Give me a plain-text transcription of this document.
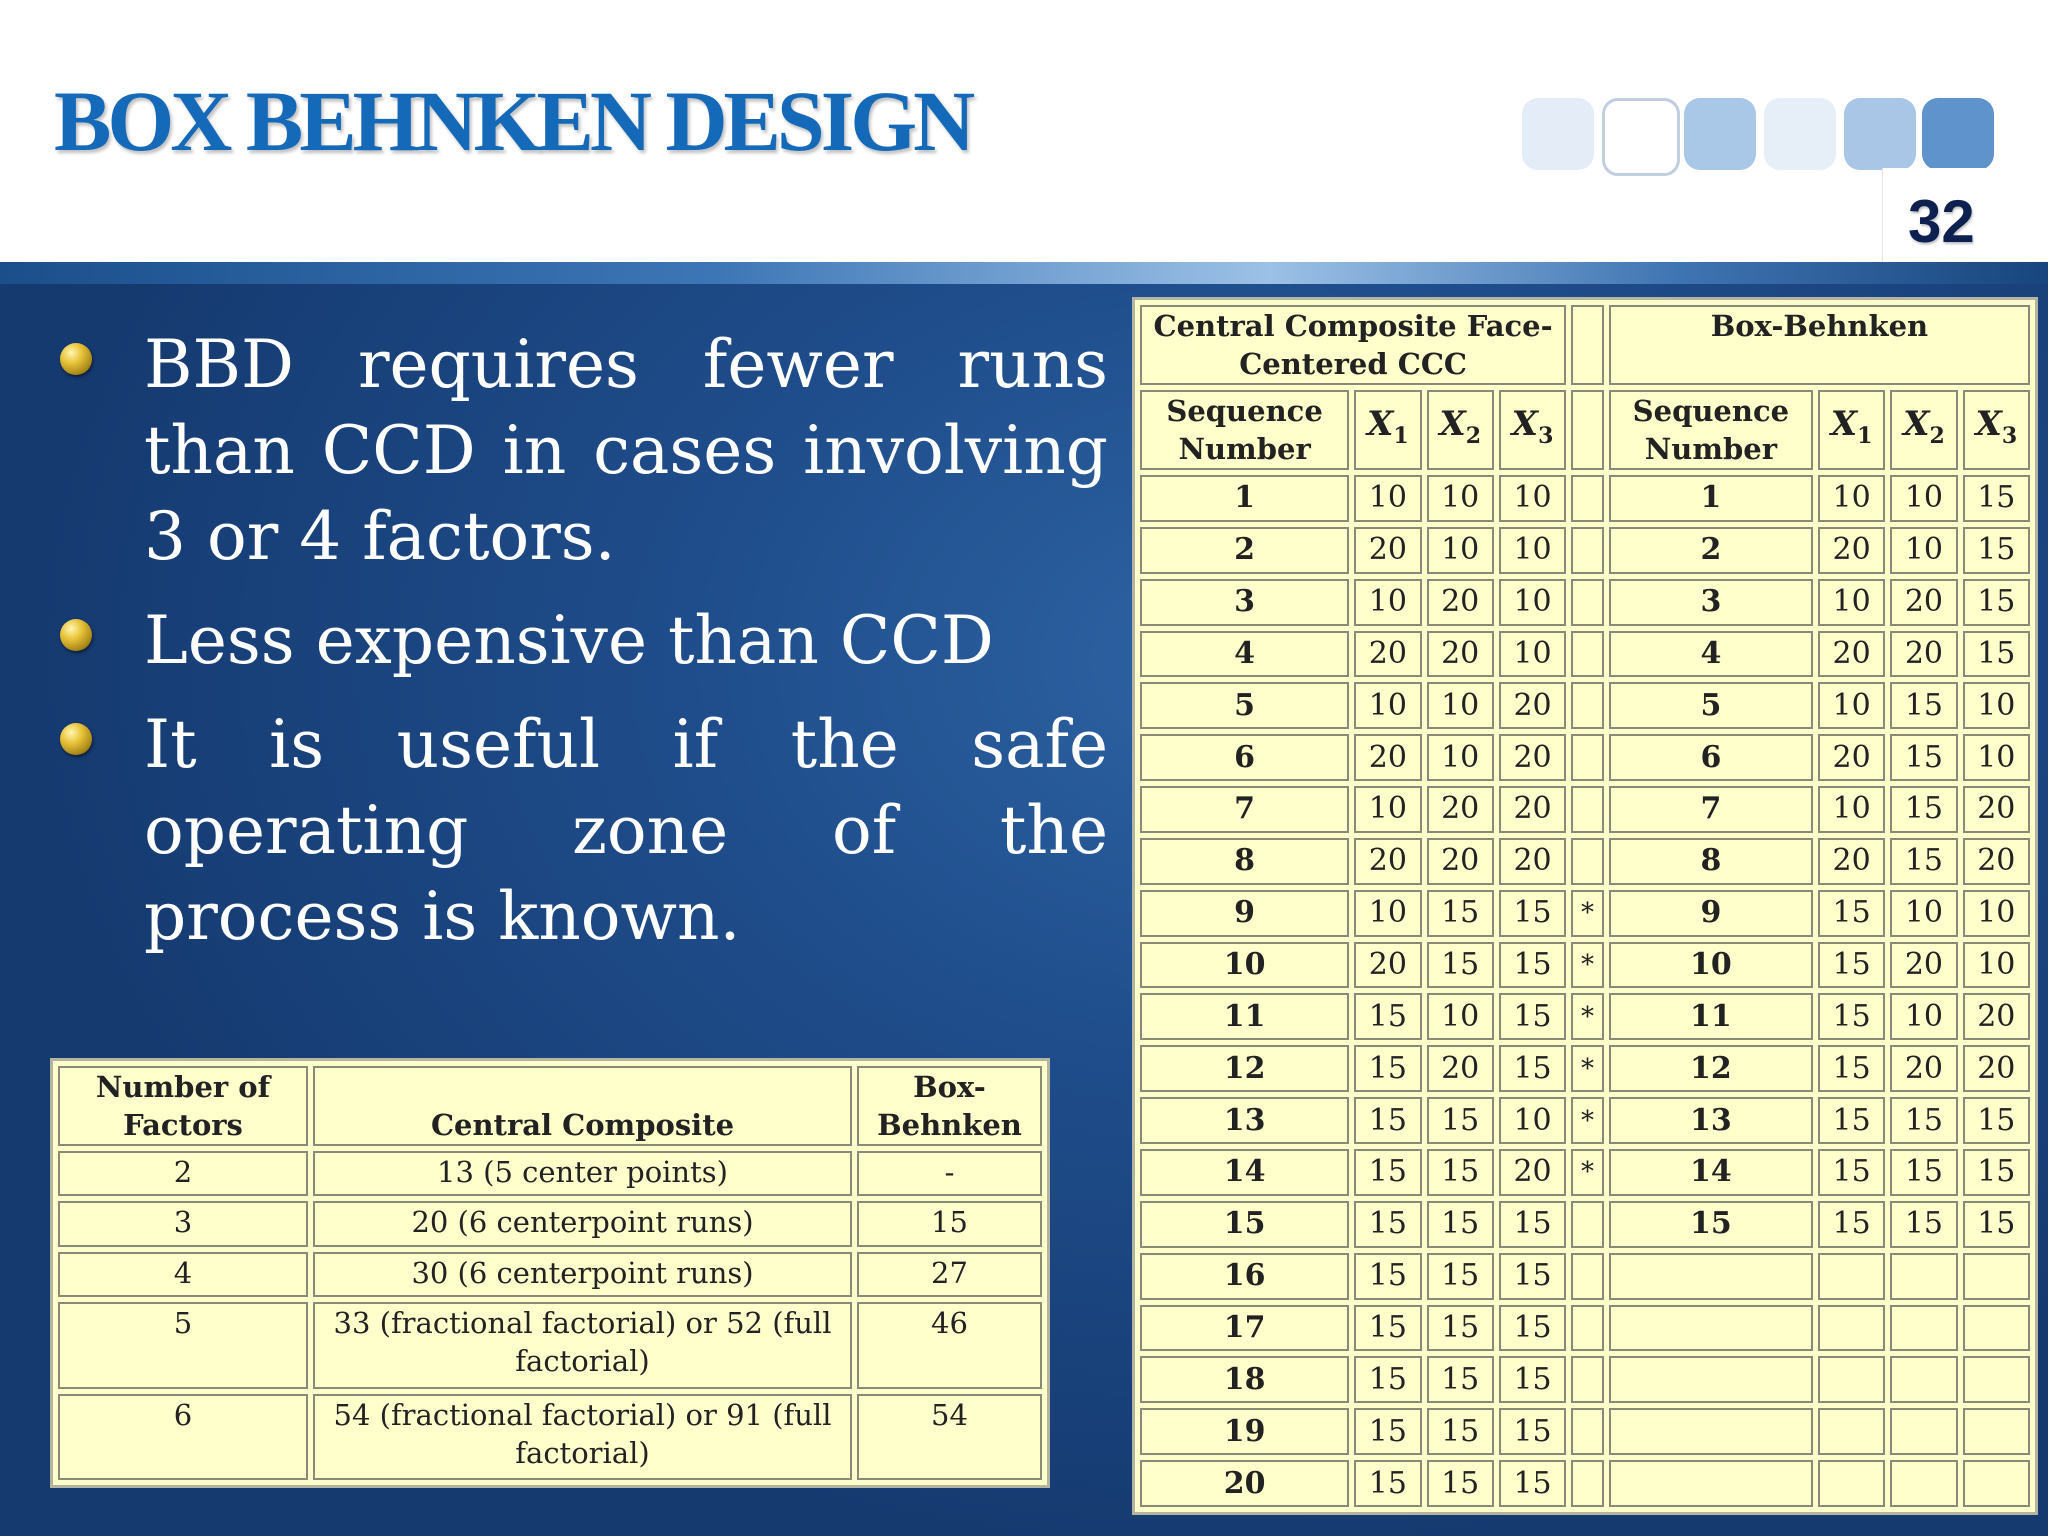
BOX BEHNKEN DESIGN
32
BBD requires fewer runs than CCD in cases involving 3 or 4 factors.
Less expensive than CCD
It is useful if the safe operating zone of the process is known.
Number of Factors	Central Composite	Box-Behnken
2	13 (5 center points)	-
3	20 (6 centerpoint runs)	15
4	30 (6 centerpoint runs)	27
5	33 (fractional factorial) or 52 (full factorial)	46
6	54 (fractional factorial) or 91 (full factorial)	54
Central Composite Face-Centered CCC					Box-Behnken			
Sequence Number	$X_1$	$X_2$	$X_3$		Sequence Number	$X_1$	$X_2$	$X_3$
1	10	10	10		1	10	10	15
2	20	10	10		2	20	10	15
3	10	20	10		3	10	20	15
4	20	20	10		4	20	20	15
5	10	10	20		5	10	15	10
6	20	10	20		6	20	15	10
7	10	20	20		7	10	15	20
8	20	20	20		8	20	15	20
9	10	15	15	*	9	15	10	10
10	20	15	15	*	10	15	20	10
11	15	10	15	*	11	15	10	20
12	15	20	15	*	12	15	20	20
13	15	15	10	*	13	15	15	15
14	15	15	20	*	14	15	15	15
15	15	15	15		15	15	15	15
16	15	15	15					
17	15	15	15					
18	15	15	15					
19	15	15	15					
20	15	15	15					
